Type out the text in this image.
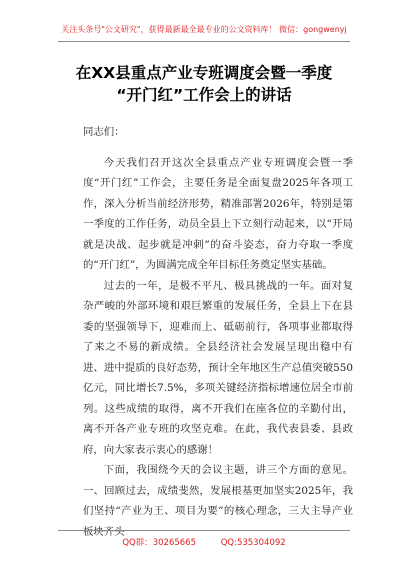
关注头条号"公文研究"，获得最新最全最专业的公文资料库！ 微信：gongwenyj
在XX县重点产业专班调度会暨一季度
“开门红”工作会上的讲话

同志们：

今天我们召开这次全县重点产业专班调度会暨一季度“开门红”工作会，主要任务是全面复盘2025年各项工作，深入分析当前经济形势，精准部署2026年，特别是第一季度的工作任务，动员全县上下立刻行动起来，以“开局就是决战、起步就是冲刺”的奋斗姿态，奋力夺取一季度的“开门红”，为圆满完成全年目标任务奠定坚实基础。

过去的一年，是极不平凡、极具挑战的一年。面对复杂严峻的外部环境和艰巨繁重的发展任务，全县上下在县委的坚强领导下，迎难而上、砥砺前行，各项事业都取得了来之不易的新成绩。全县经济社会发展呈现出稳中有进、进中提质的良好态势，预计全年地区生产总值突破550亿元，同比增长7.5%，多项关键经济指标增速位居全市前列。这些成绩的取得，离不开我们在座各位的辛勤付出，离不开各产业专班的攻坚克难。在此，我代表县委、县政府，向大家表示衷心的感谢！

下面，我围绕今天的会议主题，讲三个方面的意见。一、回顾过去，成绩斐然，发展根基更加坚实2025年，我们坚持“产业为王、项目为要”的核心理念，三大主导产业板块齐头

QQ群：30265665	QQ:535304092
